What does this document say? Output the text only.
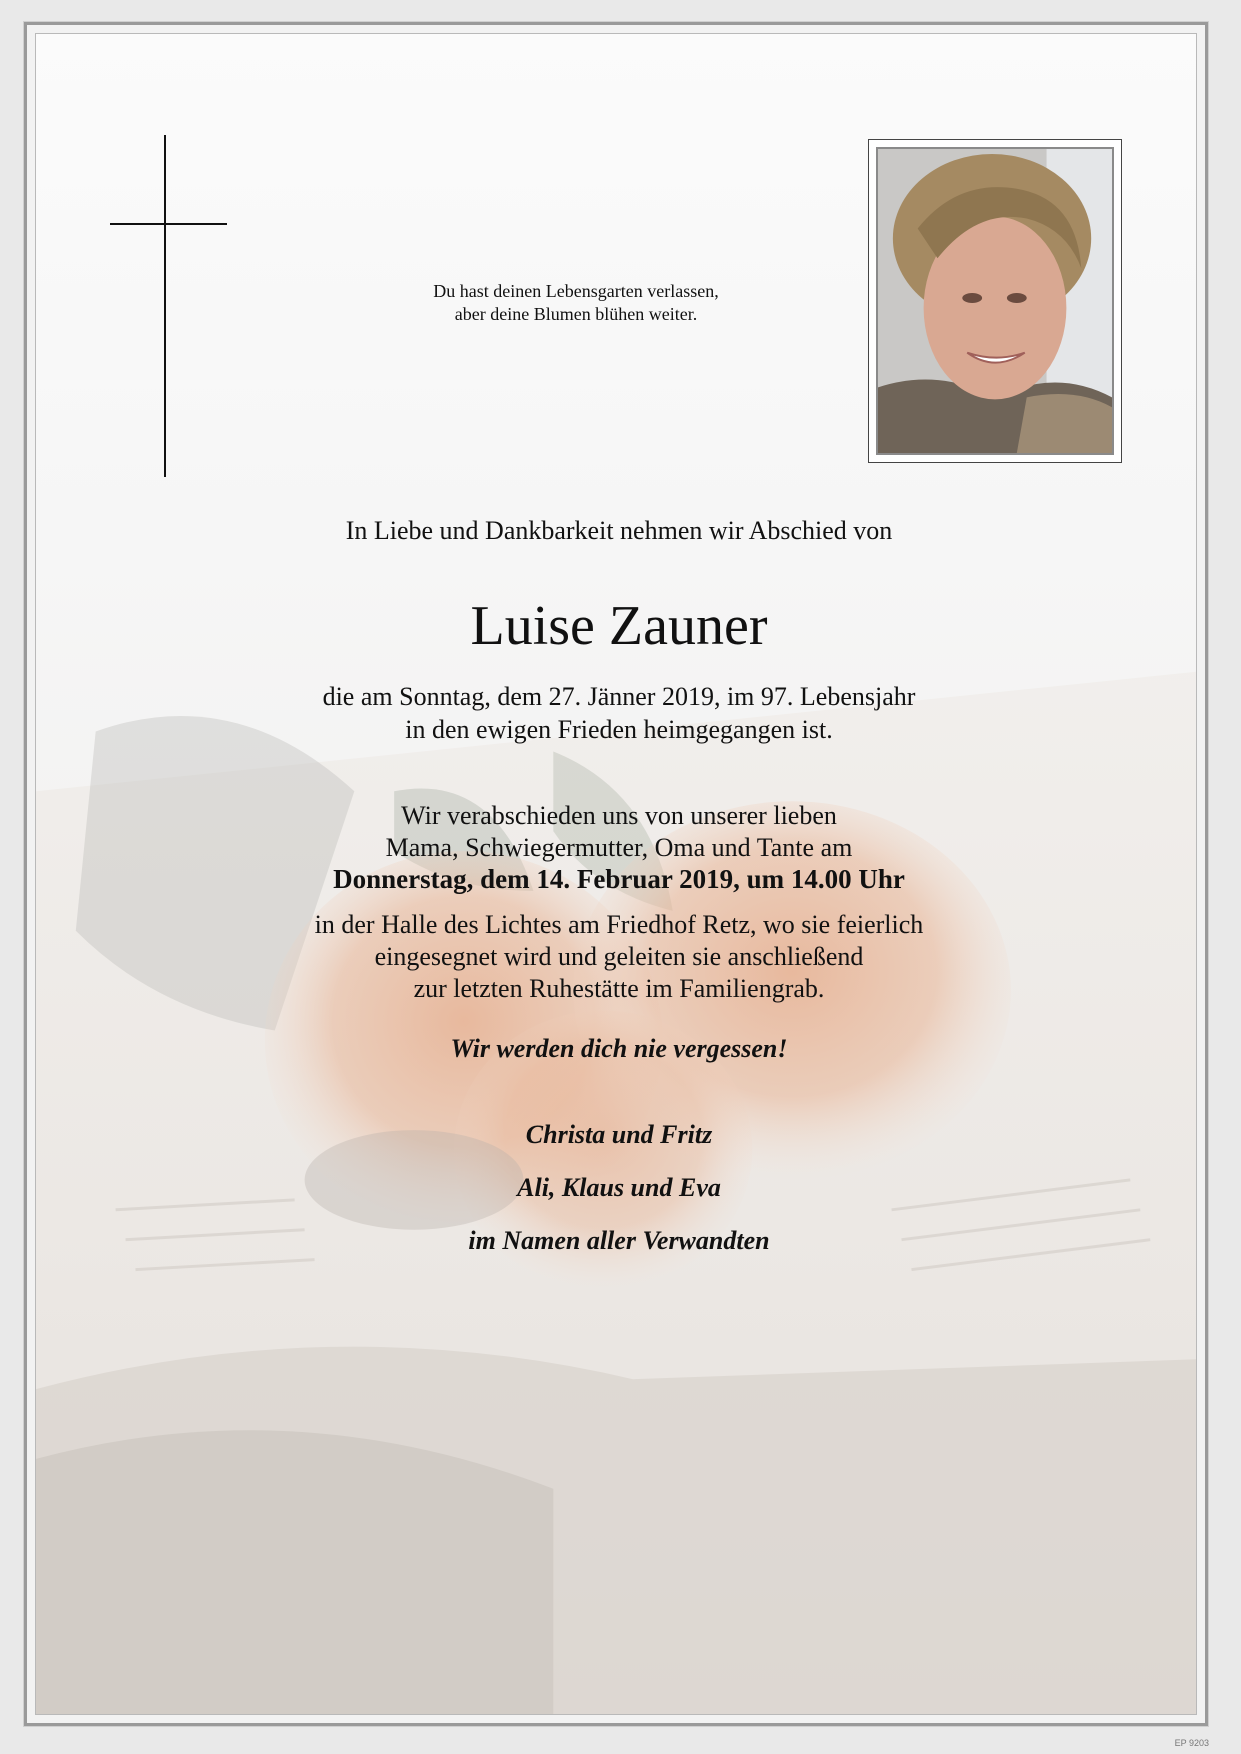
Du hast deinen Lebensgarten verlassen,
aber deine Blumen blühen weiter.
In Liebe und Dankbarkeit nehmen wir Abschied von
Luise Zauner
die am Sonntag, dem 27. Jänner 2019, im 97. Lebensjahr
in den ewigen Frieden heimgegangen ist.
Wir verabschieden uns von unserer lieben
Mama, Schwiegermutter, Oma und Tante am
Donnerstag, dem 14. Februar 2019, um 14.00 Uhr
in der Halle des Lichtes am Friedhof Retz, wo sie feierlich
eingesegnet wird und geleiten sie anschließend
zur letzten Ruhestätte im Familiengrab.
Wir werden dich nie vergessen!
Christa und Fritz
Ali, Klaus und Eva
im Namen aller Verwandten
EP 9203
